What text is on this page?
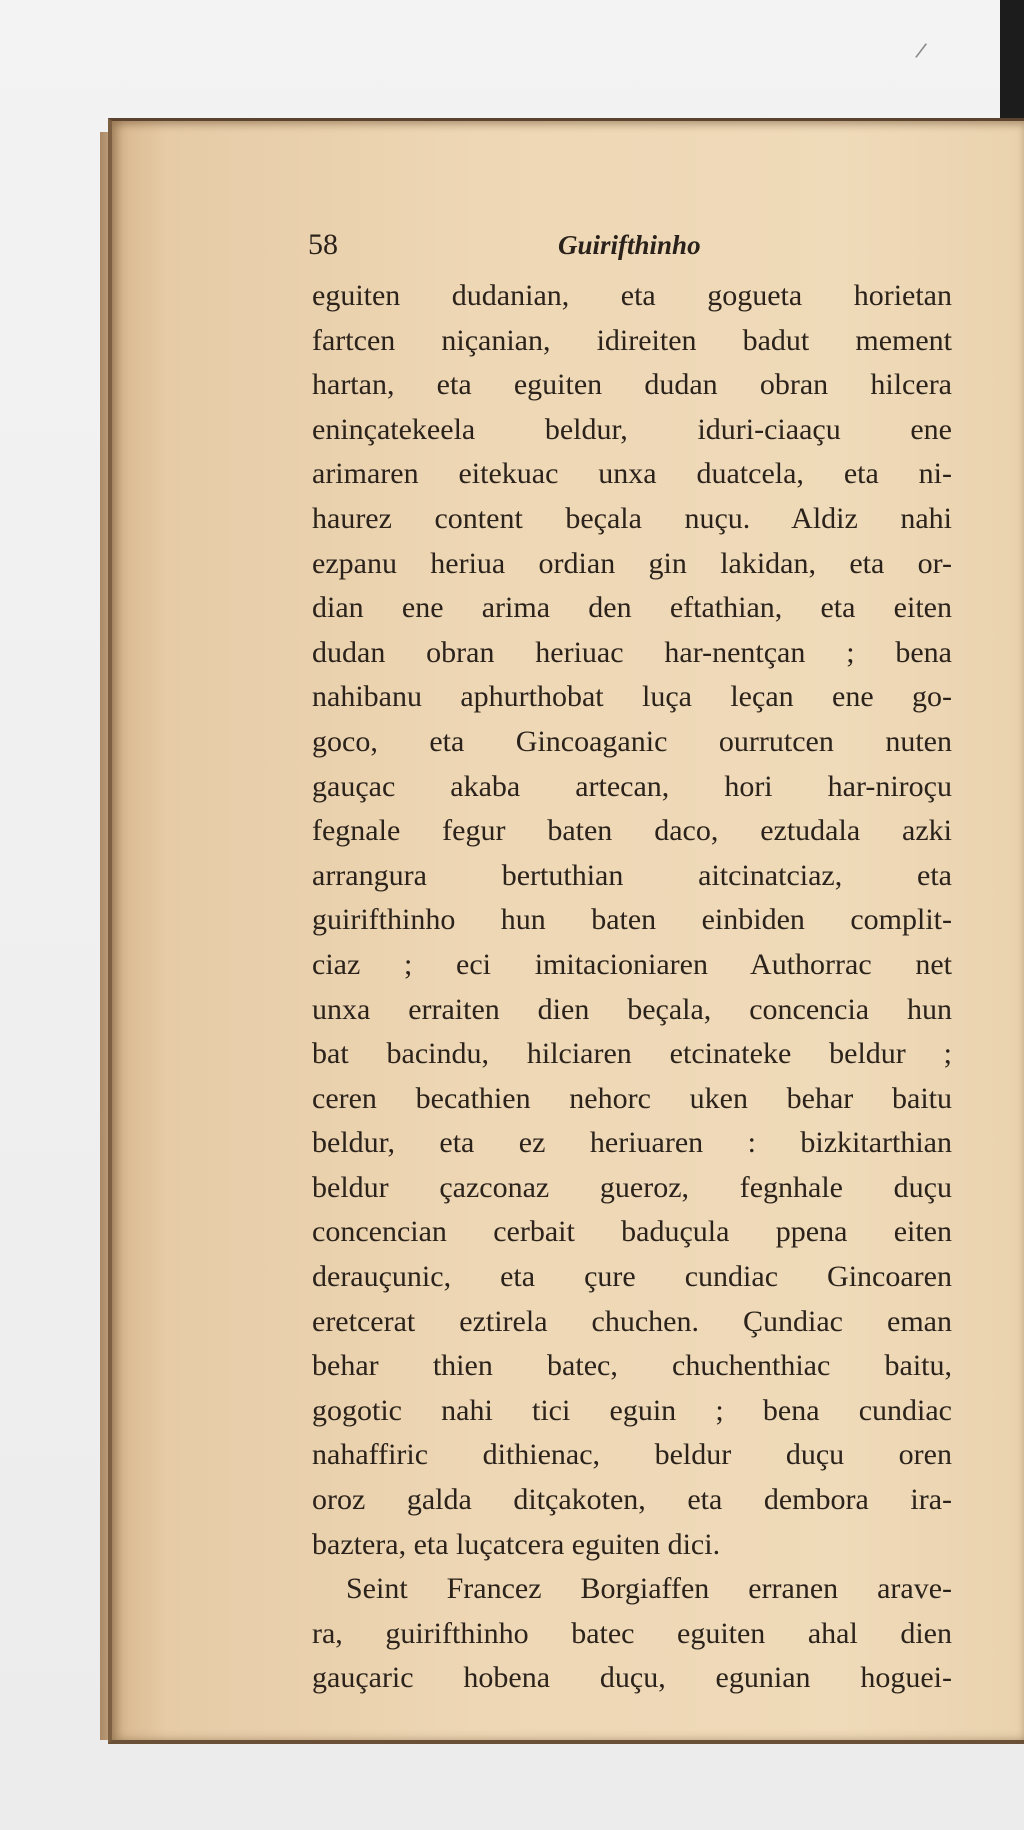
/
58	Guirifthinho
eguiten dudanian, eta gogueta horietan
fartcen niçanian, idireiten badut mement
hartan, eta eguiten dudan obran hilcera
eninçatekeela beldur, iduri-ciaaçu ene
arimaren eitekuac unxa duatcela, eta ni-
haurez content beçala nuçu. Aldiz nahi
ezpanu heriua ordian gin lakidan, eta or-
dian ene arima den eftathian, eta eiten
dudan obran heriuac har-nentçan ; bena
nahibanu aphurthobat luça leçan ene go-
goco, eta Gincoaganic ourrutcen nuten
gauçac akaba artecan, hori har-niroçu
fegnale fegur baten daco, eztudala azki
arrangura bertuthian aitcinatciaz, eta
guirifthinho hun baten einbiden complit-
ciaz ; eci imitacioniaren Authorrac net
unxa erraiten dien beçala, concencia hun
bat bacindu, hilciaren etcinateke beldur ;
ceren becathien nehorc uken behar baitu
beldur, eta ez heriuaren : bizkitarthian
beldur çazconaz gueroz, fegnhale duçu
concencian cerbait baduçula ppena eiten
derauçunic, eta çure cundiac Gincoaren
eretcerat eztirela chuchen. Çundiac eman
behar thien batec, chuchenthiac baitu,
gogotic nahi tici eguin ; bena cundiac
nahaffiric dithienac, beldur duçu oren
oroz galda ditçakoten, eta dembora ira-
baztera, eta luçatcera eguiten dici.
Seint Francez Borgiaffen erranen arave-
ra, guirifthinho batec eguiten ahal dien
gauçaric hobena duçu, egunian hoguei-
